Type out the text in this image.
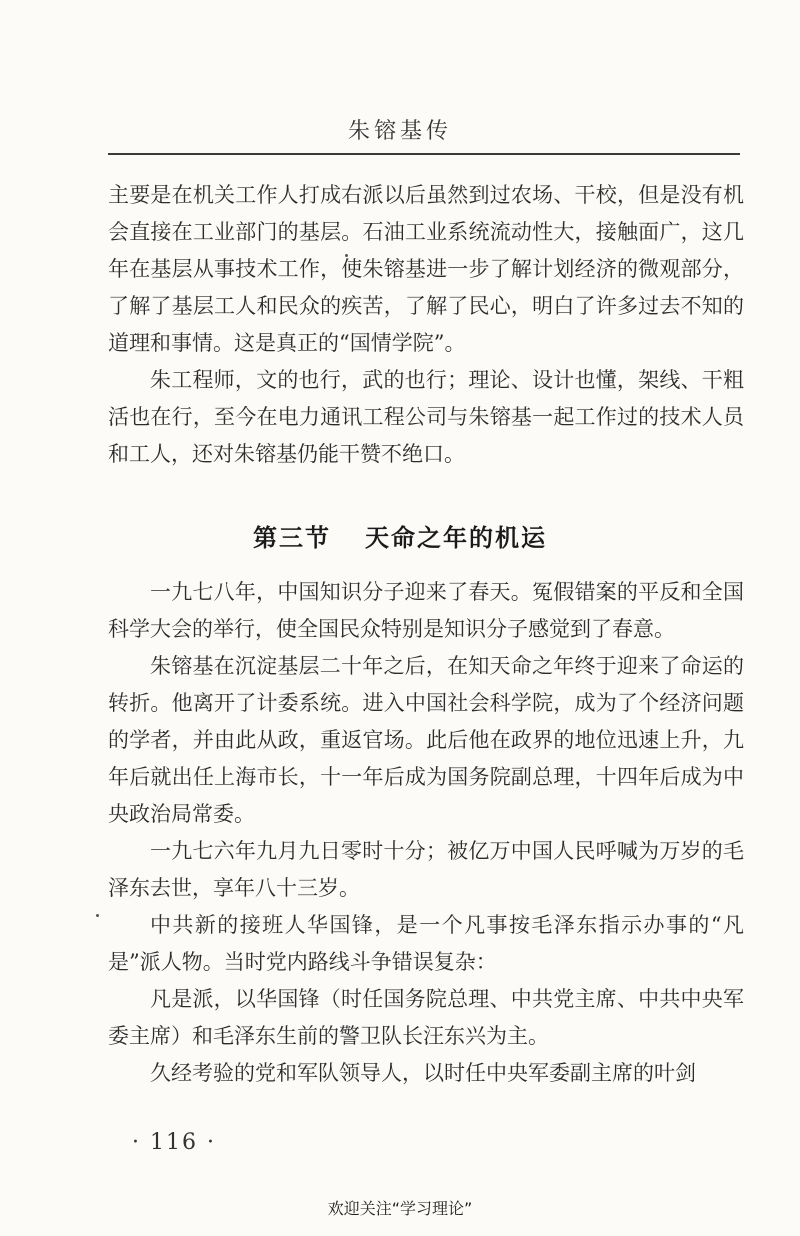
朱镕基传

主要是在机关工作人打成右派以后虽然到过农场、干校，但是没有机会直接在工业部门的基层。石油工业系统流动性大，接触面广，这几年在基层从事技术工作，使朱镕基进一步了解计划经济的微观部分，了解了基层工人和民众的疾苦，了解了民心，明白了许多过去不知的道理和事情。这是真正的“国情学院”。

朱工程师，文的也行，武的也行；理论、设计也懂，架线、干粗活也在行，至今在电力通讯工程公司与朱镕基一起工作过的技术人员和工人，还对朱镕基仍能干赞不绝口。

第三节 天命之年的机运

一九七八年，中国知识分子迎来了春天。冤假错案的平反和全国科学大会的举行，使全国民众特别是知识分子感觉到了春意。

朱镕基在沉淀基层二十年之后，在知天命之年终于迎来了命运的转折。他离开了计委系统。进入中国社会科学院，成为了个经济问题的学者，并由此从政，重返官场。此后他在政界的地位迅速上升，九年后就出任上海市长，十一年后成为国务院副总理，十四年后成为中央政治局常委。

一九七六年九月九日零时十分；被亿万中国人民呼喊为万岁的毛泽东去世，享年八十三岁。

中共新的接班人华国锋，是一个凡事按毛泽东指示办事的“凡是”派人物。当时党内路线斗争错误复杂：

凡是派，以华国锋（时任国务院总理、中共党主席、中共中央军委主席）和毛泽东生前的警卫队长汪东兴为主。

久经考验的党和军队领导人，以时任中央军委副主席的叶剑

· 116 ·
欢迎关注“学习理论”
